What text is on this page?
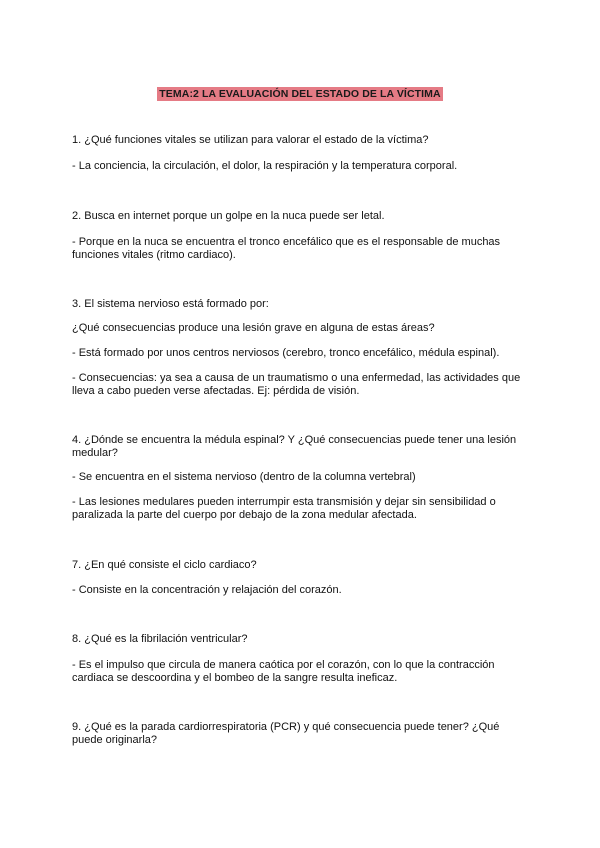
TEMA:2 LA EVALUACIÓN DEL ESTADO DE LA VÍCTIMA
1. ¿Qué funciones vitales se utilizan para valorar el estado de la víctima?
- La conciencia, la circulación, el dolor, la respiración y la temperatura corporal.
2. Busca en internet porque un golpe en la nuca puede ser letal.
- Porque en la nuca se encuentra el tronco encefálico que es el responsable de muchas funciones vitales (ritmo cardiaco).
3. El sistema nervioso está formado por:
¿Qué consecuencias produce una lesión grave en alguna de estas áreas?
- Está formado por unos centros nerviosos (cerebro, tronco encefálico, médula espinal).
- Consecuencias: ya sea a causa de un traumatismo o una enfermedad, las actividades que lleva a cabo pueden verse afectadas. Ej: pérdida de visión.
4. ¿Dónde se encuentra la médula espinal? Y ¿Qué consecuencias puede tener una lesión medular?
- Se encuentra en el sistema nervioso (dentro de la columna vertebral)
- Las lesiones medulares pueden interrumpir esta transmisión y dejar sin sensibilidad o paralizada la parte del cuerpo por debajo de la zona medular afectada.
7. ¿En qué consiste el ciclo cardiaco?
- Consiste en la concentración y relajación del corazón.
8. ¿Qué es la fibrilación ventricular?
- Es el impulso que circula de manera caótica por el corazón, con lo que la contracción cardiaca se descoordina y el bombeo de la sangre resulta ineficaz.
9. ¿Qué es la parada cardiorrespiratoria (PCR) y qué consecuencia puede tener? ¿Qué puede originarla?
